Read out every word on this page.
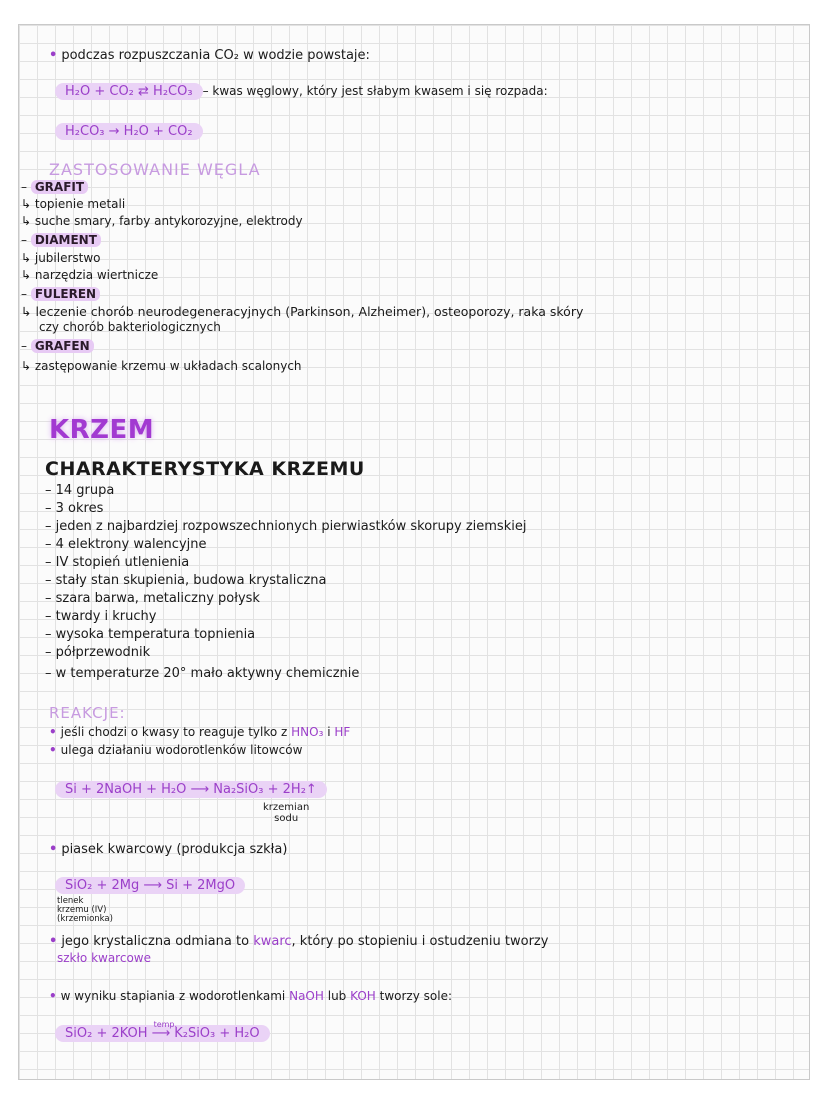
• podczas rozpuszczania CO₂ w wodzie powstaje:
H₂O + CO₂ ⇄ H₂CO₃ – kwas węglowy, który jest słabym kwasem i się rozpada:
H₂CO₃ → H₂O + CO₂
ZASTOSOWANIE WĘGLA
– GRAFIT
↳ topienie metali
↳ suche smary, farby antykorozyjne, elektrody
– DIAMENT
↳ jubilerstwo
↳ narzędzia wiertnicze
– FULEREN
↳ leczenie chorób neurodegeneracyjnych (Parkinson, Alzheimer), osteoporozy, raka skóry
czy chorób bakteriologicznych
– GRAFEN
↳ zastępowanie krzemu w układach scalonych
KRZEM
CHARAKTERYSTYKA KRZEMU
– 14 grupa
– 3 okres
– jeden z najbardziej rozpowszechnionych pierwiastków skorupy ziemskiej
– 4 elektrony walencyjne
– IV stopień utlenienia
– stały stan skupienia, budowa krystaliczna
– szara barwa, metaliczny połysk
– twardy i kruchy
– wysoka temperatura topnienia
– półprzewodnik
– w temperaturze 20° mało aktywny chemicznie
REAKCJE:
• jeśli chodzi o kwasy to reaguje tylko z HNO₃ i HF
• ulega działaniu wodorotlenków litowców
Si + 2NaOH + H₂O ⟶ Na₂SiO₃ + 2H₂↑
krzemian
sodu
• piasek kwarcowy (produkcja szkła)
SiO₂ + 2Mg ⟶ Si + 2MgO
tlenek
krzemu (IV)
(krzemionka)
• jego krystaliczna odmiana to kwarc, który po stopieniu i ostudzeniu tworzy
szkło kwarcowe
• w wyniku stapiania z wodorotlenkami NaOH lub KOH tworzy sole:
SiO₂ + 2KOH
temp.
⟶ K₂SiO₃ + H₂O
